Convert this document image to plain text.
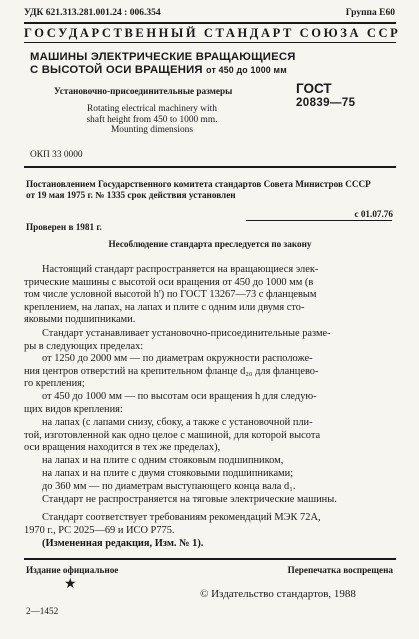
УДК 621.313.281.001.24 : 006.354	Группа Е60
ГОСУДАРСТВЕННЫЙ СТАНДАРТ СОЮЗА ССР
МАШИНЫ ЭЛЕКТРИЧЕСКИЕ ВРАЩАЮЩИЕСЯ
С ВЫСОТОЙ ОСИ ВРАЩЕНИЯ от 450 до 1000 мм
Установочно-присоединительные размеры
Rotating electrical machinery with
shaft height from 450 to 1000 mm.
Mounting dimensions
ГОСТ
20839—75
ОКП 33 0000
Постановлением Государственного комитета стандартов Совета Министров СССР
от 19 мая 1975 г. № 1335 срок действия установлен
с 01.07.76
Проверен в 1981 г.
Несоблюдение стандарта преследуется по закону
Настоящий стандарт распространяется на вращающиеся элек-
трические машины с высотой оси вращения от 450 до 1000 мм (в
том числе условной высотой h') по ГОСТ 13267—73 с фланцевым
креплением, на лапах, на лапах и плите с одним или двумя сто-
яковыми подшипниками.
Стандарт устанавливает установочно-присоединительные разме-
ры в следующих пределах:
от 1250 до 2000 мм — по диаметрам окружности расположе-
ния центров отверстий на крепительном фланце d₂₀ для фланцево-
го крепления;
от 450 до 1000 мм — по высотам оси вращения h для следую-
щих видов крепления:
на лапах (с лапами снизу, сбоку, а также с установочной пли-
той, изготовленной как одно целое с машиной, для которой высота
оси вращения находится в тех же пределах),
на лапах и на плите с одним стояковым подшипником,
на лапах и на плите с двумя стояковыми подшипниками;
до 360 мм — по диаметрам выступающего конца вала d₁.
Стандарт не распространяется на тяговые электрические машины.
Стандарт соответствует требованиям рекомендаций МЭК 72А,
1970 г., РС 2025—69 и ИСО Р775.
(Измененная редакция, Изм. № 1).
Издание официальное	Перепечатка воспрещена
★
© Издательство стандартов, 1988
2—1452
